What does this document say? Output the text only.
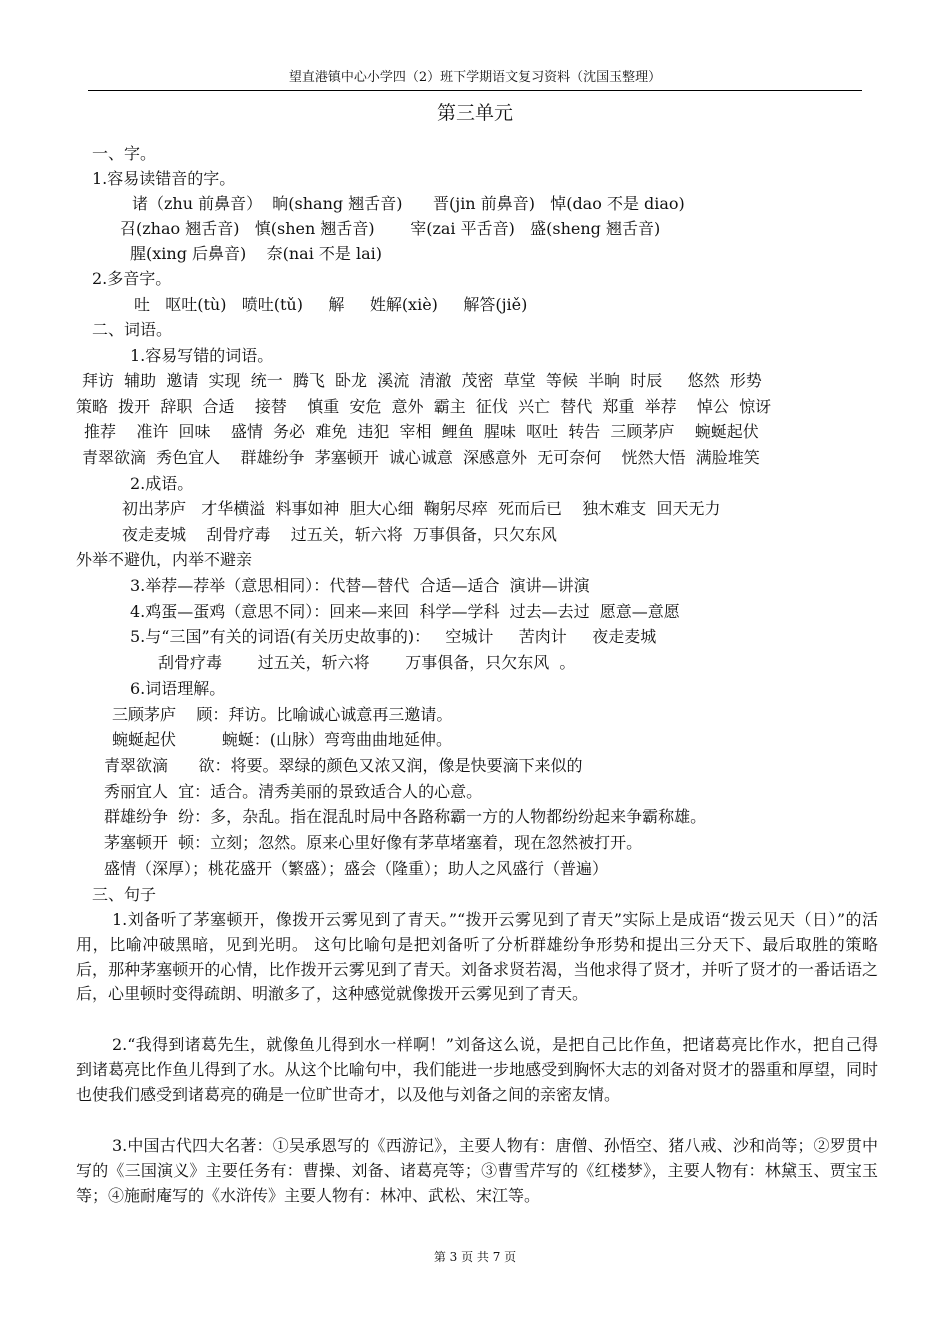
望直港镇中心小学四（2）班下学期语文复习资料（沈国玉整理）
第三单元
一、字。
1.容易读错音的字。
诸（zhu 前鼻音）  晌(shang 翘舌音)      晋(jin 前鼻音)   悼(dao 不是 diao)
召(zhao 翘舌音)   慎(shen 翘舌音)       宰(zai 平舌音)   盛(sheng 翘舌音)
腥(xing 后鼻音)    奈(nai 不是 lai)
2.多音字。
吐   呕吐(tù)   喷吐(tǔ)     解     姓解(xiè)     解答(jiě)
二、词语。
1.容易写错的词语。
拜访  辅助  邀请  实现  统一  腾飞  卧龙  溪流  清澈  茂密  草堂  等候  半晌  时辰     悠然  形势
策略  拨开  辞职  合适    接替    慎重  安危  意外  霸主  征伐  兴亡  替代  郑重  举荐    悼公  惊讶
推荐    准许  回味    盛情  务必  难免  违犯  宰相  鲤鱼  腥味  呕吐  转告  三顾茅庐    蜿蜒起伏
青翠欲滴  秀色宜人    群雄纷争  茅塞顿开  诚心诚意  深感意外  无可奈何    恍然大悟  满脸堆笑
2.成语。
初出茅庐   才华横溢  料事如神  胆大心细  鞠躬尽瘁  死而后已    独木难支  回天无力
夜走麦城    刮骨疗毒    过五关，斩六将  万事俱备，只欠东风
外举不避仇，内举不避亲
3.举荐—荐举（意思相同）：代替—替代  合适—适合  演讲—讲演
4.鸡蛋—蛋鸡（意思不同）：回来—来回  科学—学科  过去—去过  愿意—意愿
5.与“三国”有关的词语(有关历史故事的)：   空城计     苦肉计     夜走麦城
刮骨疗毒       过五关，斩六将       万事俱备，只欠东风  。
6.词语理解。
三顾茅庐    顾：拜访。比喻诚心诚意再三邀请。
蜿蜒起伏         蜿蜒：(山脉）弯弯曲曲地延伸。
青翠欲滴      欲：将要。翠绿的颜色又浓又润，像是快要滴下来似的
秀丽宜人  宜：适合。清秀美丽的景致适合人的心意。
群雄纷争  纷：多，杂乱。指在混乱时局中各路称霸一方的人物都纷纷起来争霸称雄。
茅塞顿开  顿：立刻；忽然。原来心里好像有茅草堵塞着，现在忽然被打开。
盛情（深厚）；桃花盛开（繁盛）；盛会（隆重）；助人之风盛行（普遍）
三、句子
1.刘备听了茅塞顿开，像拨开云雾见到了青天。”“拨开云雾见到了青天”实际上是成语“拨云见天（日）”的活用，比喻冲破黑暗，见到光明。 这句比喻句是把刘备听了分析群雄纷争形势和提出三分天下、最后取胜的策略后，那种茅塞顿开的心情，比作拨开云雾见到了青天。刘备求贤若渴，当他求得了贤才，并听了贤才的一番话语之后，心里顿时变得疏朗、明澈多了，这种感觉就像拨开云雾见到了青天。
2.“我得到诸葛先生，就像鱼儿得到水一样啊！”刘备这么说，是把自己比作鱼，把诸葛亮比作水，把自己得到诸葛亮比作鱼儿得到了水。从这个比喻句中，我们能进一步地感受到胸怀大志的刘备对贤才的器重和厚望，同时也使我们感受到诸葛亮的确是一位旷世奇才，以及他与刘备之间的亲密友情。
3.中国古代四大名著：①吴承恩写的《西游记》，主要人物有：唐僧、孙悟空、猪八戒、沙和尚等；②罗贯中写的《三国演义》主要任务有：曹操、刘备、诸葛亮等；③曹雪芹写的《红楼梦》，主要人物有：林黛玉、贾宝玉等；④施耐庵写的《水浒传》主要人物有：林冲、武松、宋江等。
第 3 页 共 7 页
